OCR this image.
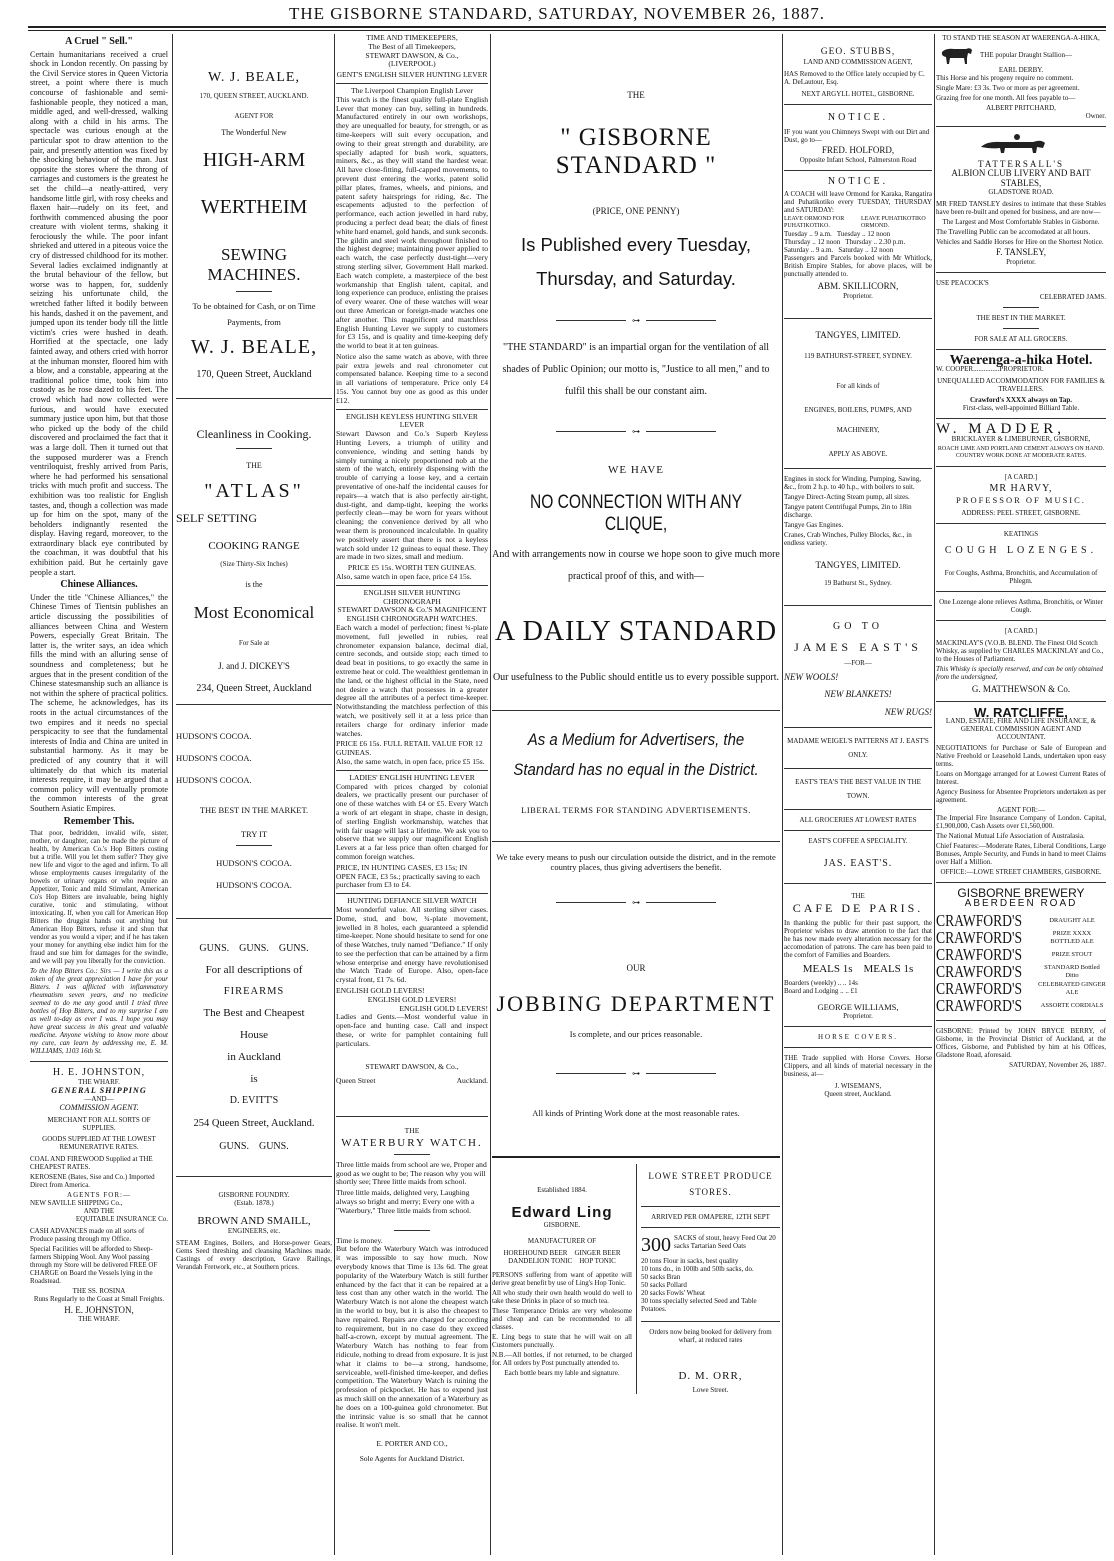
THE GISBORNE STANDARD, SATURDAY, NOVEMBER 26, 1887.
A Cruel " Sell."

Certain humanitarians received a cruel shock in London recently. On passing by the Civil Service stores in Queen Victoria street, a point where there is much concourse of fashionable and semi-fashionable people, they noticed a man, middle aged, and well-dressed, walking along with a child in his arms. The spectacle was curious enough at the particular spot to draw attention to the pair, and presently attention was fixed by the shocking behaviour of the man. Just opposite the stores where the throng of carriages and customers is the greatest he set the child—a neatly-attired, very handsome little girl, with rosy cheeks and flaxen hair—rudely on its feet, and forthwith commenced abusing the poor creature with violent terms, shaking it ferociously the while. The poor infant shrieked and uttered in a piteous voice the cry of distressed childhood for its mother. Several ladies exclaimed indignantly at the brutal behaviour of the fellow, but worse was to happen, for, suddenly seizing his unfortunate child, the wretched father lifted it bodily between his hands, dashed it on the pavement, and jumped upon its tender body till the little victim's cries were hushed in death. Horrified at the spectacle, one lady fainted away, and others cried with horror at the inhuman monster, floored him with a blow, and a constable, appearing at the traditional police time, took him into custody as he rose dazed to his feet. The crowd which had now collected were furious, and would have executed summary justice upon him, but that those who picked up the body of the child discovered and proclaimed the fact that it was a large doll. Then it turned out that the supposed murderer was a French ventriloquist, freshly arrived from Paris, where he had performed his sensational tricks with much profit and success. The exhibition was too realistic for English tastes, and, though a collection was made up for him on the spot, many of the beholders indignantly resented the display. Having regard, moreover, to the extraordinary black eye contributed by the coachman, it was doubtful that his exhibition paid. But he certainly gave people a start.

Chinese Alliances.

Under the title "Chinese Alliances," the Chinese Times of Tientsin publishes an article discussing the possibilities of alliances between China and Western Powers, especially Great Britain. The latter is, the writer says, an idea which fills the mind with an alluring sense of soundness and completeness; but he argues that in the present condition of the Chinese statesmanship such an alliance is not within the sphere of practical politics. The scheme, he acknowledges, has its roots in the actual circumstances of the two empires and it needs no special perspicacity to see that the fundamental interests of India and China are united in substantial harmony. As it may be predicted of any country that it will ultimately do that which its material interests require, it may be argued that a common policy will eventually promote the common interests of the great Southern Asiatic Empires.

Remember This.

That poor, bedridden, invalid wife, sister, mother, or daughter, can be made the picture of health, by American Co.'s Hop Bitters costing but a trifle. Will you let them suffer? They give new life and vigor to the aged and infirm. To all whose employments causes irregularity of the bowels or urinary organs or who require an Appetizer, Tonic and mild Stimulant, American Co's Hop Bitters are invaluable, being highly curative, tonic and stimulating, without intoxicating. If, when you call for American Hop Bitters the druggist hands out anything but American Hop Bitters, refuse it and shun that vendor as you would a viper; and if he has taken your money for anything else indict him for the fraud and sue him for damages for the swindle, and we will pay you liberally for the conviction.

To the Hop Bitters Co.: Sirs — I write this as a token of the great appreciation I have for your Bitters. I was afflicted with inflammatory rheumatism seven years, and no medicine seemed to do me any good until I tried three bottles of Hop Bitters, and to my surprise I am as well to-day as ever I was. I hope you may have great success in this great and valuable medicine. Anyone wishing to know more about my cure, can learn by addressing me, E. M. WILLIAMS, 1103 16th St.

H. E. JOHNSTON,
THE WHARF.
GENERAL SHIPPING
—AND—
COMMISSION AGENT.
MERCHANT FOR ALL SORTS OF SUPPLIES.
GOODS SUPPLIED AT THE LOWEST REMUNERATIVE RATES.

COAL AND FIREWOOD Supplied at THE CHEAPEST RATES.

KEROSENE (Bates, Sise and Co.) Imported Direct from America.

AGENTS FOR:—
NEW SAVILLE SHIPPING Co.,
AND THE
EQUITABLE INSURANCE Co.

CASH ADVANCES made on all sorts of Produce passing through my Office.

Special Facilities will be afforded to Sheep-farmers Shipping Wool. Any Wool passing through my Store will be delivered FREE OF CHARGE on Board the Vessels lying in the Roadstead.

THE SS. ROSINA
Runs Regularly to the Coast at Small Freights.
H. E. JOHNSTON,
THE WHARF.
W. J. BEALE,
170, QUEEN STREET, AUCKLAND.
AGENT FOR
The Wonderful New
HIGH-ARM
WERTHEIM
SEWING MACHINES.
To be obtained for Cash, or on Time Payments, from
W. J. BEALE,
170, Queen Street, Auckland
Cleanliness in Cooking.
THE
"ATLAS"
SELF SETTING
COOKING RANGE
(Size Thirty-Six Inches)
is the
Most Economical
For Sale at
J. and J. DICKEY'S
234, Queen Street, Auckland
HUDSON'S COCOA.
HUDSON'S COCOA.
HUDSON'S COCOA.
THE BEST IN THE MARKET.
TRY IT
HUDSON'S COCOA.
HUDSON'S COCOA.
GUNS.    GUNS.    GUNS.
For all descriptions of
FIREARMS
The Best and Cheapest
House
in Auckland
is
D. EVITT'S
254 Queen Street, Auckland.
GUNS.    GUNS.
GISBORNE FOUNDRY.
(Estab. 1878.)
BROWN AND SMAILL,
ENGINEERS, etc.

STEAM Engines, Boilers, and Horse-power Gears, Gems Seed threshing and cleansing Machines made. Castings of every description, Grave Railings, Verandah Fretwork, etc., at Southern prices.

TIME AND TIMEKEEPERS,
The Best of all Timekeepers,
STEWART DAWSON, & Co.,
(LIVERPOOL)
GENT'S ENGLISH SILVER HUNTING LEVER
The Liverpool Champion English Lever

This watch is the finest quality full-plate English Lever that money can buy, selling in hundreds. Manufactured entirely in our own workshops, they are unequalled for beauty, for strength, or as time-keepers will suit every occupation, and owing to their great strength and durability, are specially adapted for bush work, squatters, miners, &c., as they will stand the hardest wear. All have close-fitting, full-capped movements, to prevent dust entering the works, patent solid pillar plates, frames, wheels, and pinions, and patent safety hairsprings for riding, &c. The escapements adjusted to the perfection of performance, each action jewelled in hard ruby, producing a perfect dead beat; the dials of finest white hard enamel, gold hands, and sunk seconds. The gildin and steel work throughout finished to the highest degree; maintaining power applied to each watch, the case perfectly dust-tight—very strong sterling silver, Government Hall marked. Each watch complete, a masterpiece of the best workmanship that English talent, capital, and long experience can produce, enlisting the praises of every wearer. One of these watches will wear out three American or foreign-made watches one after another. This magnificent and matchless English Hunting Lever we supply to customers for £3 15s, and is quality and time-keeping defy the world to beat it at ten guineas.

Notice also the same watch as above, with three pair extra jewels and real chronometer cut compensated balance. Keeping time to a second in all variations of temperature. Price only £4 15s. You cannot buy one as good as this under £12.

ENGLISH KEYLESS HUNTING SILVER LEVER

Stewart Dawson and Co.'s Superb Keyless Hunting Levers, a triumph of utility and convenience, winding and setting hands by simply turning a nicely proportioned nob at the stem of the watch, entirely dispensing with the trouble of carrying a loose key, and a certain preventative of one-half the incidental causes for repairs—a watch that is also perfectly air-tight, dust-tight, and damp-tight, keeping the works perfectly clean—may be worn for years without cleaning; the convenience derived by all who wear them is pronounced incalculable. In quality we positively assert that there is not a keyless watch sold under 12 guineas to equal these. They are made in two sizes, small and medium.

PRICE £5 15s. WORTH TEN GUINEAS.
Also, same watch in open face, price £4 15s.
ENGLISH SILVER HUNTING CHRONOGRAPH
STEWART DAWSON & Co.'S MAGNIFICENT ENGLISH CHRONOGRAPH WATCHES.

Each watch a model of perfection; finest ¾-plate movement, full jewelled in rubies, real chronometer expansion balance, decimal dial, centre seconds, and outside stop; each timed to dead beat in positions, to go exactly the same in extreme heat or cold. The wealthiest gentleman in the land, or the highest official in the State, need not desire a watch that possesses in a greater degree all the attributes of a perfect time-keeper. Notwithstanding the matchless perfection of this watch, we positively sell it at a less price than retailers charge for ordinary inferior made watches.

PRICE £6 15s. FULL RETAIL VALUE FOR 12 GUINEAS.
Also, the same watch, in open face, price £5 15s.
LADIES' ENGLISH HUNTING LEVER

Compared with prices charged by colonial dealers, we practically present our purchaser of one of these watches with £4 or £5. Every Watch a work of art elegant in shape, chaste in design, of sterling English workmanship, watches that with fair usage will last a lifetime. We ask you to observe that we supply our magnificent English Levers at a far less price than often charged for common foreign watches.

PRICE, IN HUNTING CASES, £3 15s; IN OPEN FACE, £3 5s.; practically saving to each purchaser from £3 to £4.

HUNTING DEFIANCE SILVER WATCH

Most wonderful value. All sterling silver cases. Dome, stud, and bow, ¾-plate movement, jewelled in 8 holes, each guaranteed a splendid time-keeper. None should hesitate to send for one of these Watches, truly named "Defiance." If only to see the perfection that can be attained by a firm whose enterprise and energy have revolutionised the Watch Trade of Europe. Also, open-face crystal front, £1 7s. 6d.

ENGLISH GOLD LEVERS!
ENGLISH GOLD LEVERS!
ENGLISH GOLD LEVERS!

Ladies and Gents.—Most wonderful value in open-face and hunting case. Call and inspect these, or write for pamphlet containing full particulars.

STEWART DAWSON, & Co.,
Queen Street	Auckland.
THE
WATERBURY WATCH.

Three little maids from school are we, Proper and good as we ought to be; The reason why you will shortly see; Three little maids from school.

Three little maids, delighted very, Laughing always so bright and merry; Every one with a "Waterbury," Three little maids from school.

Time is money.

But before the Waterbury Watch was introduced it was impossible to say how much. Now everybody knows that Time is 13s 6d. The great popularity of the Waterbury Watch is still further enhanced by the fact that it can be repaired at a less cost than any other watch in the world. The Waterbury Watch is not alone the cheapest watch in the world to buy, but it is also the cheapest to have repaired. Repairs are charged for according to requirement, but in no case do they exceed half-a-crown, except by mutual agreement. The Waterbury Watch has nothing to fear from ridicule, nothing to dread from exposure. It is just what it claims to be—a strong, handsome, serviceable, well-finished time-keeper, and defies competition. The Waterbury Watch is ruining the profession of pickpocket. He has to expend just as much skill on the annexation of a Waterbury as he does on a 100-guinea gold chronometer. But the intrinsic value is so small that he cannot realise. It won't melt.

E. PORTER AND CO.,
Sole Agents for Auckland District.
THE
" GISBORNE STANDARD "
(PRICE, ONE PENNY)
Is Published every Tuesday, Thursday, and Saturday.
⊶
"THE STANDARD" is an impartial organ for the ventilation of all shades of Public Opinion; our motto is, "Justice to all men," and to fulfil this shall be our constant aim.
⊶
WE HAVE
NO CONNECTION WITH ANY CLIQUE,
And with arrangements now in course we hope soon to give much more practical proof of this, and with—
A DAILY STANDARD
Our usefulness to the Public should entitle us to every possible support.
As a Medium for Advertisers, the Standard has no equal in the District.
LIBERAL TERMS FOR STANDING ADVERTISEMENTS.
We take every means to push our circulation outside the district, and in the remote country places, thus giving advertisers the benefit.
⊶
OUR
JOBBING DEPARTMENT
Is complete, and our prices reasonable.
⊶
All kinds of Printing Work done at the most reasonable rates.
Established 1884.
Edward Ling
GISBORNE.
MANUFACTURER OF
HOREHOUND BEER    GINGER BEER
DANDELION TONIC    HOP TONIC

PERSONS suffering from want of appetite will derive great benefit by use of Ling's Hop Tonic.

All who study their own health would do well to take these Drinks in place of so much tea.

These Temperance Drinks are very wholesome and cheap and can be recommended to all classes.

E. Ling begs to state that he will wait on all Customers punctually.

N.B.—All bottles, if not returned, to be charged for. All orders by Post punctually attended to.

Each bottle bears my lable and signature.

LOWE STREET PRODUCE STORES.
ARRIVED PER OMAPERE, 12TH SEPT
300 SACKS of stout, heavy Feed Oat 20 sacks Tartarian Seed Oats
20 tons Flour in sacks, best quality
10 tons do., in 100lb and 50lb sacks, do.
50 sacks Bran
50 sacks Pollard
20 sacks Fowls' Wheat
30 tons specially selected Seed and Table Potatoes.
Orders now being booked for delivery from wharf, at reduced rates
D. M. ORR,
Lowe Street.
GEO. STUBBS,
LAND AND COMMISSION AGENT,

HAS Removed to the Office lately occupied by C. A. DeLautour, Esq.

NEXT ARGYLL HOTEL, GISBORNE.
NOTICE.

IF you want you Chimneys Swept with out Dirt and Dust, go to—

FRED. HOLFORD,
Opposite Infant School, Palmerston Road
NOTICE.

A COACH will leave Ormond for Karaka, Rangatira and Puhatikotiko every TUESDAY, THURSDAY and SATURDAY:

LEAVE ORMOND FOR PUHATIKOTIKO.
LEAVE PUHATIKOTIKO ORMOND.
Tuesday .. 9 a.m.   Tuesday .. 12 noon
Thursday .. 12 noon   Thursday .. 2.30 p.m.
Saturday .. 9 a.m.   Saturday .. 12 noon

Passengers and Parcels booked with Mr Whitlock, British Empire Stables, for above places, will be punctually attended to.

ABM. SKILLICORN,
Proprietor.
TANGYES, LIMITED.
119 BATHURST-STREET, SYDNEY.
For all kinds of
ENGINES, BOILERS, PUMPS, AND MACHINERY,
APPLY AS ABOVE.

Engines in stock for Winding, Pumping, Sawing, &c., from 2 h.p. to 40 h.p., with boilers to suit.

Tangye Direct-Acting Steam pump, all sizes.

Tangye patent Centrifugal Pumps, 2in to 18in discharge.

Tangye Gas Engines.

Cranes, Crab Winches, Pulley Blocks, &c., in endless variety.

TANGYES, LIMITED.
19 Bathurst St., Sydney.
GO TO
JAMES EAST'S
—FOR—
NEW WOOLS!
NEW BLANKETS!
NEW RUGS!
MADAME WEIGEL'S PATTERNS AT J. EAST'S ONLY.
EAST'S TEA'S THE BEST VALUE IN THE TOWN.
ALL GROCERIES AT LOWEST RATES
EAST'S COFFEE A SPECIALITY.
JAS. EAST'S.
THE
CAFE DE PARIS.

In thanking the public for their past support, the Proprietor wishes to draw attention to the fact that he has now made every alteration necessary for the accomodation of patrons. The care has been paid to the comfort of Families and Boarders.

MEALS 1s    MEALS 1s
Boarders (weekly) .. .. 14s
Board and Lodging .. .. £1
GEORGE WILLIAMS,
Proprietor.
HORSE COVERS.

THE Trade supplied with Horse Covers. Horse Clippers, and all kinds of material necessary in the business, at—

J. WISEMAN'S,
Queen street, Auckland.
TO STAND THE SEASON AT WAERENGA-A-HIKA,
THE popular Draught Stallion—
EARL DERBY.

This Horse and his progeny require no comment.

Single Mare: £3 3s. Two or more as per agreement.

Grazing free for one month. All fees payable to—

ALBERT PRITCHARD,
Owner.
TATTERSALL'S
ALBION CLUB LIVERY AND BAIT STABLES,
GLADSTONE ROAD.

MR FRED TANSLEY desires to intimate that these Stables have been re-built and opened for business, and are now—

The Largest and Most Comfortable Stables in Gisborne.

The Travelling Public can be accomodated at all hours.

Vehicles and Saddle Horses for Hire on the Shortest Notice.

F. TANSLEY,
Proprietor.
USE PEACOCK'S
CELEBRATED JAMS.
THE BEST IN THE MARKET.
FOR SALE AT ALL GROCERS.
Waerenga-a-hika Hotel.
W. COOPER...............PROPRIETOR.
UNEQUALLED ACCOMMODATION FOR FAMILIES & TRAVELLERS.
Crawford's XXXX always on Tap.
First-class, well-appointed Billiard Table.
W. MADDER,
BRICKLAYER & LIMEBURNER, GISBORNE,
ROACH LIME AND PORTLAND CEMENT ALWAYS ON HAND. COUNTRY WORK DONE AT MODERATE RATES.
[A CARD.]
MR HARVY,
PROFESSOR OF MUSIC.
ADDRESS: PEEL STREET, GISBORNE.
KEATINGS
COUGH LOZENGES.
For Coughs, Asthma, Bronchitis, and Accumulation of Phlegm.
One Lozenge alone relieves Asthma, Bronchitis, or Winter Cough.
[A CARD.]

MACKINLAY'S (V.O.B. BLEND. The Finest Old Scotch Whisky, as supplied by CHARLES MACKINLAY and Co., to the Houses of Parliament.

This Whisky is specially reserved, and can be only obtained from the undersigned,

G. MATTHEWSON & Co.
W. RATCLIFFE,
LAND, ESTATE, FIRE AND LIFE INSURANCE, & GENERAL COMMISSION AGENT AND ACCOUNTANT.

NEGOTIATIONS for Purchase or Sale of European and Native Freehold or Leasehold Lands, undertaken upon easy terms.

Loans on Mortgage arranged for at Lowest Current Rates of Interest.

Agency Business for Absentee Proprietors undertaken as per agreement.

AGENT FOR:—

The Imperial Fire Insurance Company of London. Capital, £1,900,000, Cash Assets over £1,560,000.

The National Mutual Life Association of Australasia.

Chief Features:—Moderate Rates, Liberal Conditions, Large Bonuses, Ample Security, and Funds in hand to meet Claims over Half a Million.

OFFICE:—LOWE STREET CHAMBERS, GISBORNE.
GISBORNE BREWERY
ABERDEEN ROAD
CRAWFORD'S	DRAUGHT ALE
CRAWFORD'S	PRIZE XXXX BOTTLED ALE
CRAWFORD'S	PRIZE STOUT
CRAWFORD'S	STANDARD Bottled Ditto
CRAWFORD'S CELEBRATED GINGER ALE
CRAWFORD'S	ASSORTE CORDIALS

GISBORNE: Printed by JOHN BRYCE BERRY, of Gisborne, in the Provincial District of Auckland, at the Offices, Gisborne, and Published by him at his Offices, Gladstone Road, aforesaid.

SATURDAY, November 26, 1887.
